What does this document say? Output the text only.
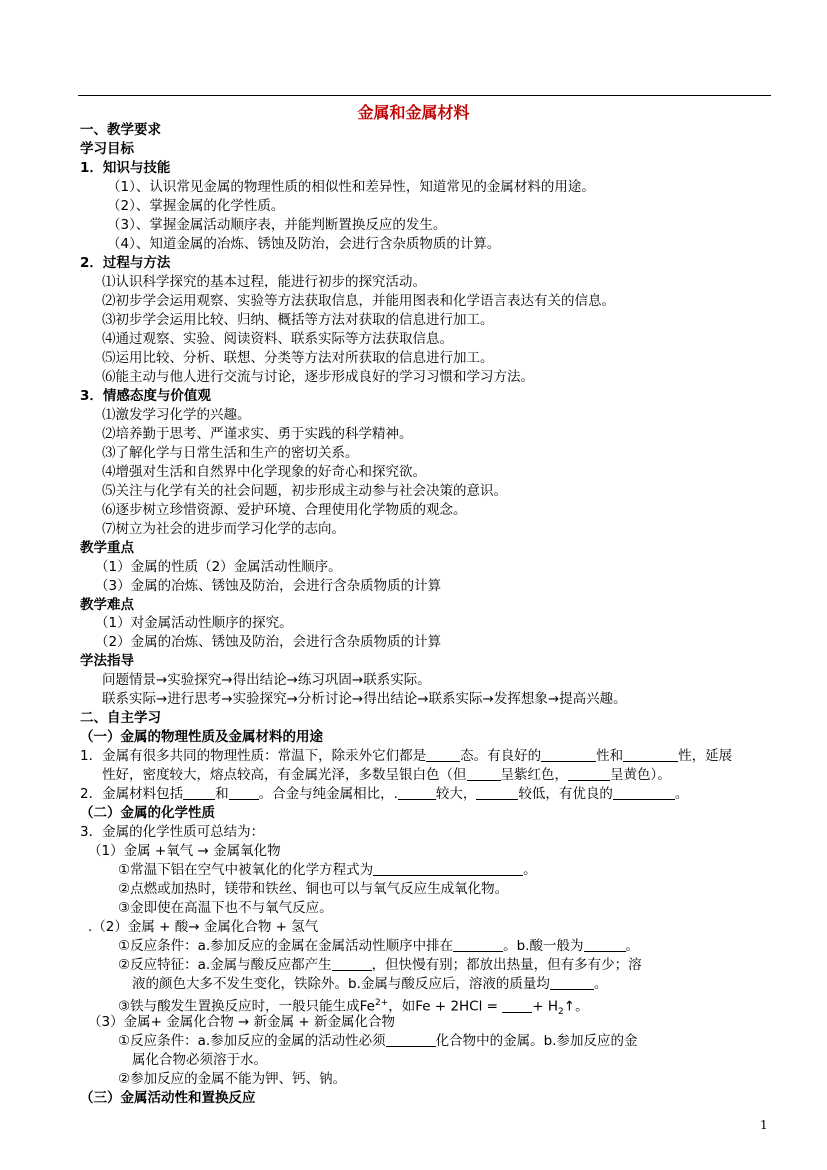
金属和金属材料
一、教学要求
学习目标
1．知识与技能
（1）、认识常见金属的物理性质的相似性和差异性，知道常见的金属材料的用途。
（2）、掌握金属的化学性质。
（3）、掌握金属活动顺序表，并能判断置换反应的发生。
（4）、知道金属的冶炼、锈蚀及防治，会进行含杂质物质的计算。
2．过程与方法
⑴认识科学探究的基本过程，能进行初步的探究活动。
⑵初步学会运用观察、实验等方法获取信息，并能用图表和化学语言表达有关的信息。
⑶初步学会运用比较、归纳、概括等方法对获取的信息进行加工。
⑷通过观察、实验、阅读资料、联系实际等方法获取信息。
⑸运用比较、分析、联想、分类等方法对所获取的信息进行加工。
⑹能主动与他人进行交流与讨论，逐步形成良好的学习习惯和学习方法。
3．情感态度与价值观
⑴激发学习化学的兴趣。
⑵培养勤于思考、严谨求实、勇于实践的科学精神。
⑶了解化学与日常生活和生产的密切关系。
⑷增强对生活和自然界中化学现象的好奇心和探究欲。
⑸关注与化学有关的社会问题，初步形成主动参与社会决策的意识。
⑹逐步树立珍惜资源、爱护环境、合理使用化学物质的观念。
⑺树立为社会的进步而学习化学的志向。
教学重点
（1）金属的性质（2）金属活动性顺序。
（3）金属的冶炼、锈蚀及防治，会进行含杂质物质的计算
教学难点
（1）对金属活动性顺序的探究。
（2）金属的冶炼、锈蚀及防治，会进行含杂质物质的计算
学法指导
问题情景→实验探究→得出结论→练习巩固→联系实际。
联系实际→进行思考→实验探究→分析讨论→得出结论→联系实际→发挥想象→提高兴趣。
二、自主学习
（一）金属的物理性质及金属材料的用途
1．金属有很多共同的物理性质：常温下，除汞外它们都是	态。有良好的	性和	性，延展
性好，密度较大，熔点较高，有金属光泽，多数呈银白色（但	呈紫红色，	呈黄色）。
2．金属材料包括 和 。合金与纯金属相比，.	较大，	较低，有优良的	。
（二）金属的化学性质
3．金属的化学性质可总结为：
（1）金属 +氧气 → 金属氧化物
①常温下铝在空气中被氧化的化学方程式为	。
②点燃或加热时，镁带和铁丝、铜也可以与氧气反应生成氧化物。
③金即使在高温下也不与氧气反应。
.（2）金属 + 酸→ 金属化合物 + 氢气
①反应条件：a.参加反应的金属在金属活动性顺序中排在	。b.酸一般为	。
②反应特征：a.金属与酸反应都产生	，但快慢有别；都放出热量，但有多有少；溶
液的颜色大多不发生变化，铁除外。b.金属与酸反应后，溶液的质量均	。
③铁与酸发生置换反应时，一般只能生成$Fe^{2+}$，如Fe + 2HCl =	+ $H_2↑$。
（3）金属+ 金属化合物 → 新金属 + 新金属化合物
①反应条件：a.参加反应的金属的活动性必须	化合物中的金属。b.参加反应的金
属化合物必须溶于水。
②参加反应的金属不能为钾、钙、钠。
（三）金属活动性和置换反应
1
